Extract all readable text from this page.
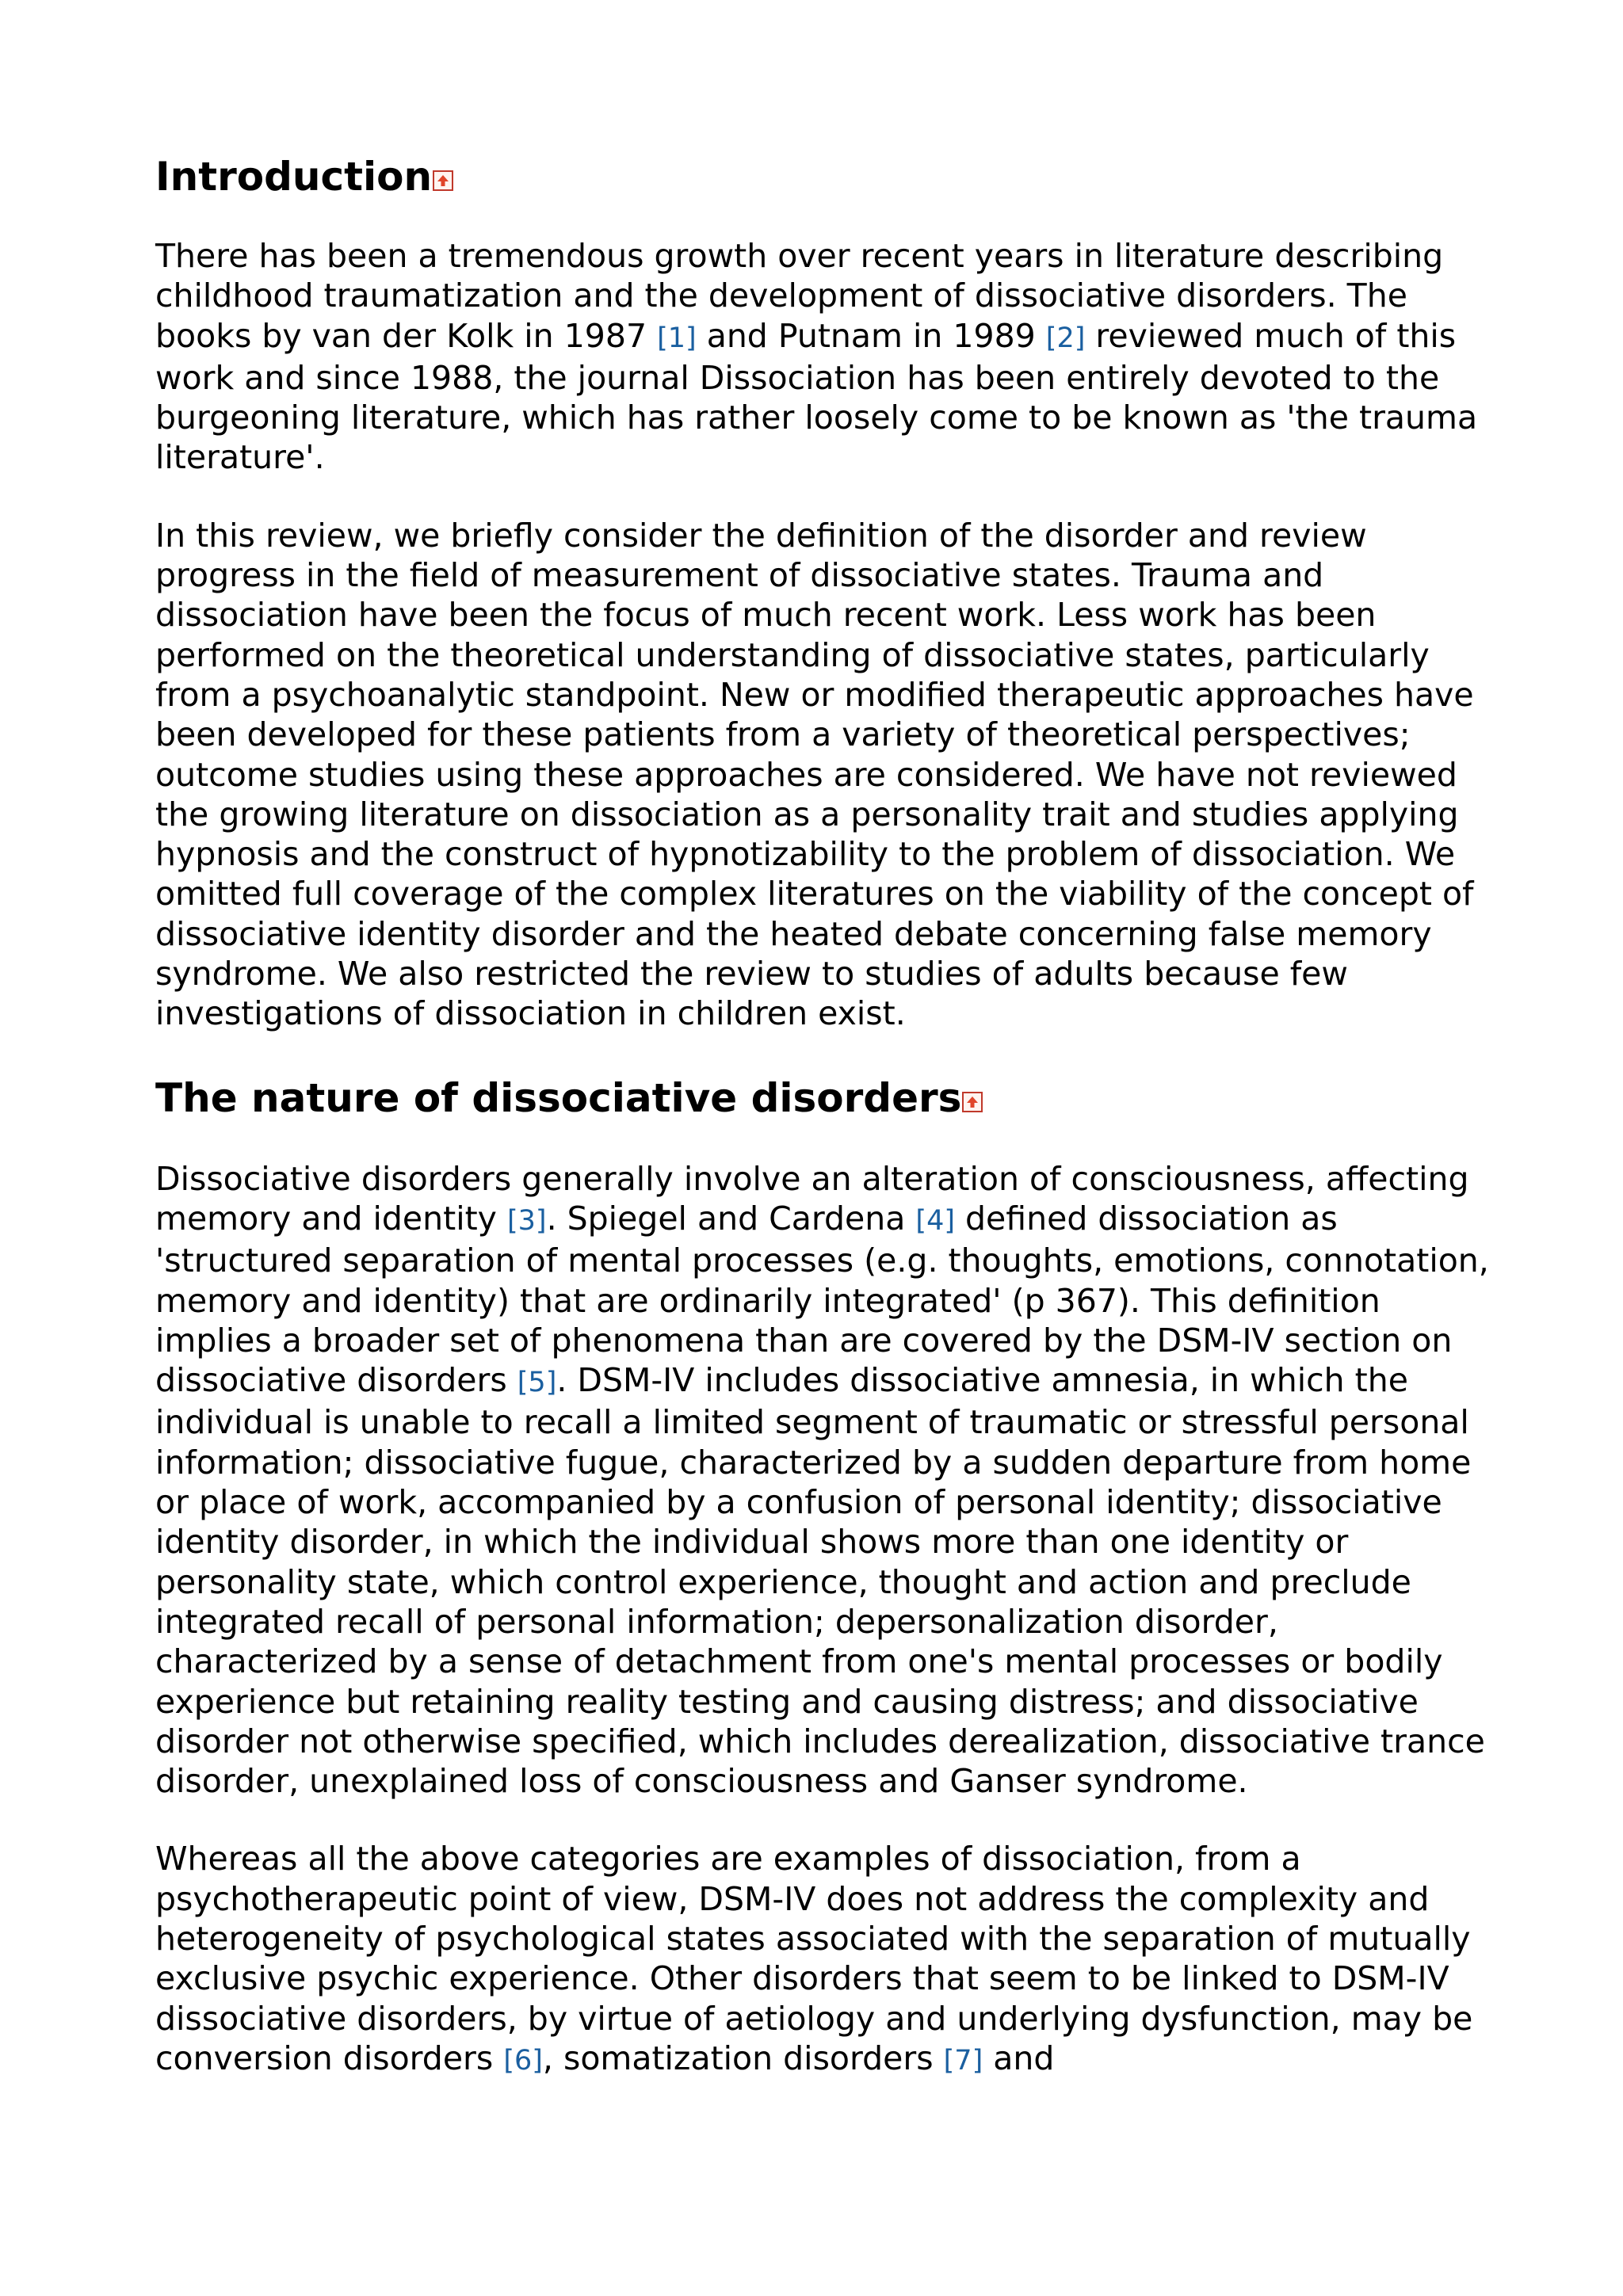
Introduction

There has been a tremendous growth over recent years in literature describing childhood traumatization and the development of dissociative disorders. The books by van der Kolk in 1987 [1] and Putnam in 1989 [2] reviewed much of this work and since 1988, the journal Dissociation has been entirely devoted to the burgeoning literature, which has rather loosely come to be known as 'the trauma literature'.

In this review, we briefly consider the definition of the disorder and review progress in the field of measurement of dissociative states. Trauma and dissociation have been the focus of much recent work. Less work has been performed on the theoretical understanding of dissociative states, particularly from a psychoanalytic standpoint. New or modified therapeutic approaches have been developed for these patients from a variety of theoretical perspectives; outcome studies using these approaches are considered. We have not reviewed the growing literature on dissociation as a personality trait and studies applying hypnosis and the construct of hypnotizability to the problem of dissociation. We omitted full coverage of the complex literatures on the viability of the concept of dissociative identity disorder and the heated debate concerning false memory syndrome. We also restricted the review to studies of adults because few investigations of dissociation in children exist.

The nature of dissociative disorders

Dissociative disorders generally involve an alteration of consciousness, affecting memory and identity [3]. Spiegel and Cardena [4] defined dissociation as 'structured separation of mental processes (e.g. thoughts, emotions, connotation, memory and identity) that are ordinarily integrated' (p 367). This definition implies a broader set of phenomena than are covered by the DSM-IV section on dissociative disorders [5]. DSM-IV includes dissociative amnesia, in which the individual is unable to recall a limited segment of traumatic or stressful personal information; dissociative fugue, characterized by a sudden departure from home or place of work, accompanied by a confusion of personal identity; dissociative identity disorder, in which the individual shows more than one identity or personality state, which control experience, thought and action and preclude integrated recall of personal information; depersonalization disorder, characterized by a sense of detachment from one's mental processes or bodily experience but retaining reality testing and causing distress; and dissociative disorder not otherwise specified, which includes derealization, dissociative trance disorder, unexplained loss of consciousness and Ganser syndrome.

Whereas all the above categories are examples of dissociation, from a psychotherapeutic point of view, DSM-IV does not address the complexity and heterogeneity of psychological states associated with the separation of mutually exclusive psychic experience. Other disorders that seem to be linked to DSM-IV dissociative disorders, by virtue of aetiology and underlying dysfunction, may be conversion disorders [6], somatization disorders [7] and
